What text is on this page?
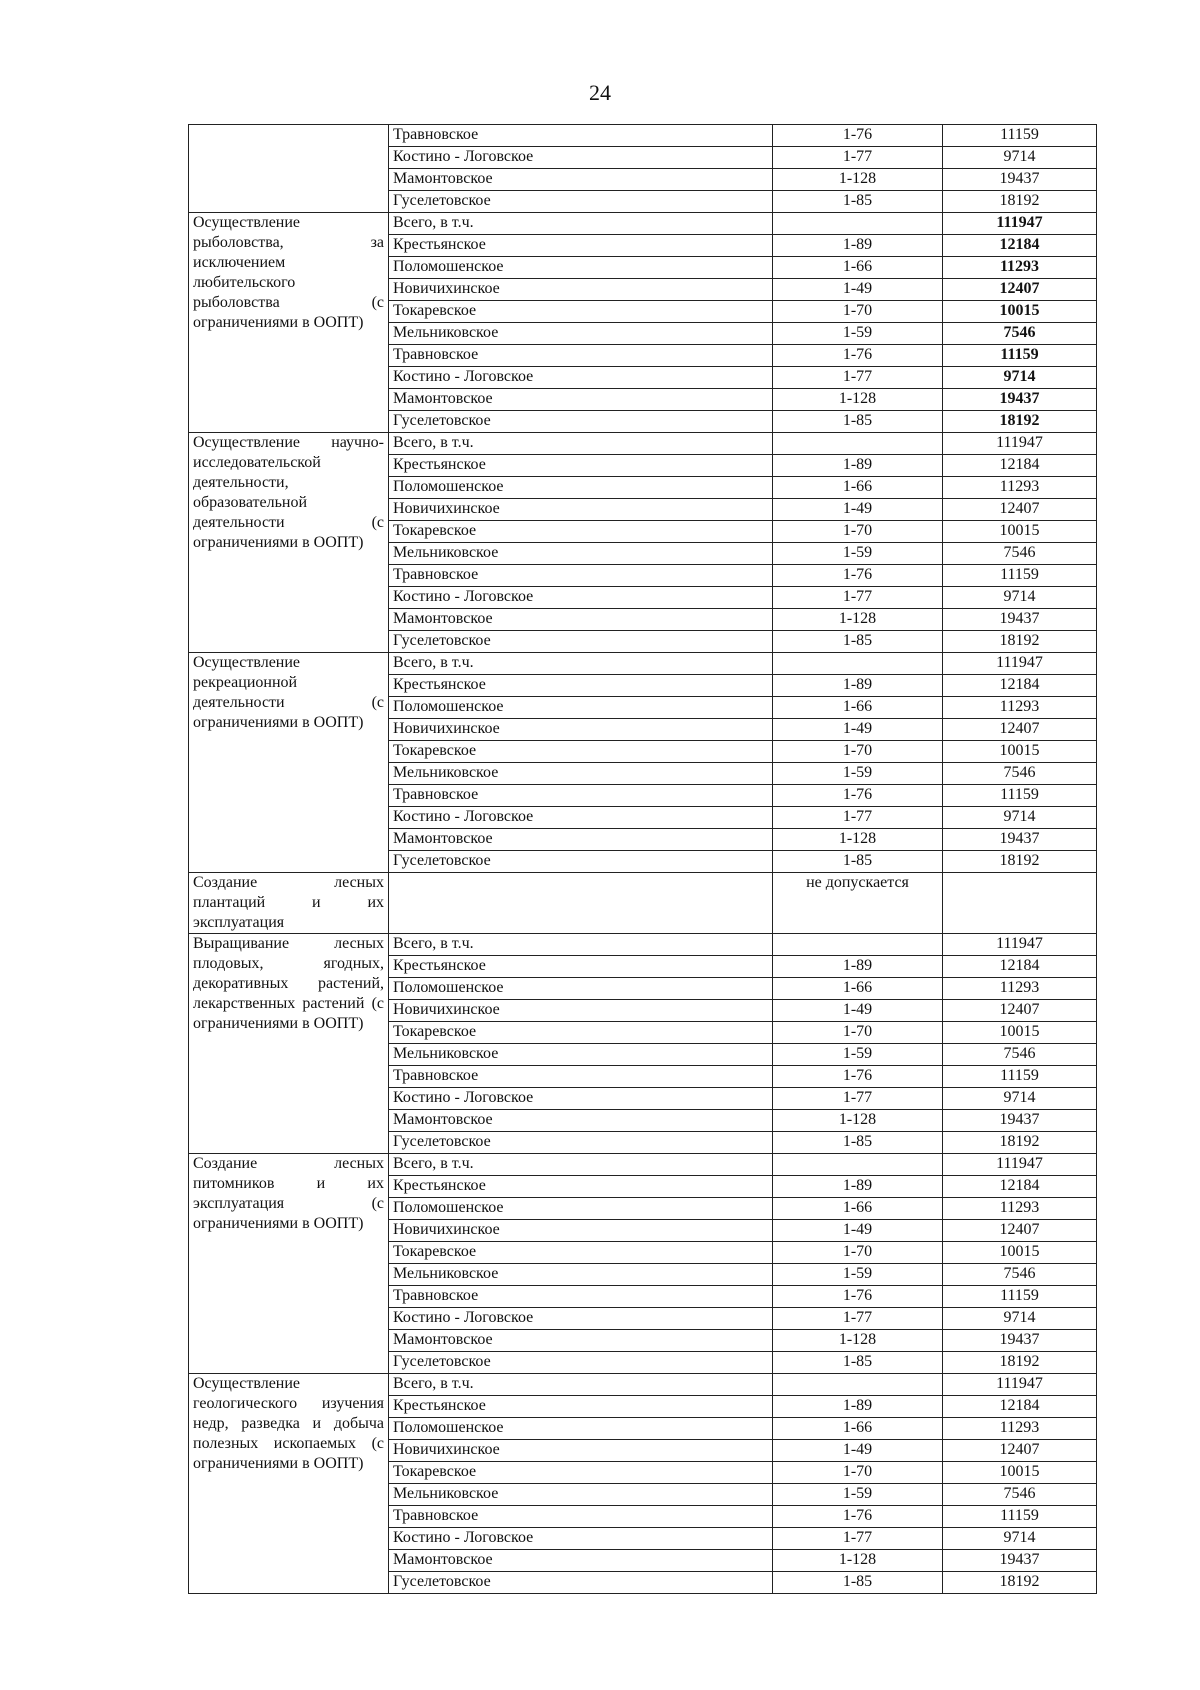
24
	Травновское	1-76	11159
	Костино - Логовское	1-77	9714
	Мамонтовское	1-128	19437
	Гуселетовское	1-85	18192
Осуществление рыболовства, за исключением любительского рыболовства (с ограничениями в ООПТ)	Всего, в т.ч.		111947
	Крестьянское	1-89	12184
	Поломошенское	1-66	11293
	Новичихинское	1-49	12407
	Токаревское	1-70	10015
	Мельниковское	1-59	7546
	Травновское	1-76	11159
	Костино - Логовское	1-77	9714
	Мамонтовское	1-128	19437
	Гуселетовское	1-85	18192
Осуществление научно-исследовательской деятельности, образовательной деятельности (с ограничениями в ООПТ)	Всего, в т.ч.		111947
	Крестьянское	1-89	12184
	Поломошенское	1-66	11293
	Новичихинское	1-49	12407
	Токаревское	1-70	10015
	Мельниковское	1-59	7546
	Травновское	1-76	11159
	Костино - Логовское	1-77	9714
	Мамонтовское	1-128	19437
	Гуселетовское	1-85	18192
Осуществление рекреационной деятельности (с ограничениями в ООПТ)	Всего, в т.ч.		111947
	Крестьянское	1-89	12184
	Поломошенское	1-66	11293
	Новичихинское	1-49	12407
	Токаревское	1-70	10015
	Мельниковское	1-59	7546
	Травновское	1-76	11159
	Костино - Логовское	1-77	9714
	Мамонтовское	1-128	19437
	Гуселетовское	1-85	18192
Создание лесных плантаций и их эксплуатация		не допускается	
Выращивание лесных плодовых, ягодных, декоративных растений, лекарственных растений (с ограничениями в ООПТ)	Всего, в т.ч.		111947
	Крестьянское	1-89	12184
	Поломошенское	1-66	11293
	Новичихинское	1-49	12407
	Токаревское	1-70	10015
	Мельниковское	1-59	7546
	Травновское	1-76	11159
	Костино - Логовское	1-77	9714
	Мамонтовское	1-128	19437
	Гуселетовское	1-85	18192
Создание лесных питомников и их эксплуатация (с ограничениями в ООПТ)	Всего, в т.ч.		111947
	Крестьянское	1-89	12184
	Поломошенское	1-66	11293
	Новичихинское	1-49	12407
	Токаревское	1-70	10015
	Мельниковское	1-59	7546
	Травновское	1-76	11159
	Костино - Логовское	1-77	9714
	Мамонтовское	1-128	19437
	Гуселетовское	1-85	18192
Осуществление геологического изучения недр, разведка и добыча полезных ископаемых (с ограничениями в ООПТ)	Всего, в т.ч.		111947
	Крестьянское	1-89	12184
	Поломошенское	1-66	11293
	Новичихинское	1-49	12407
	Токаревское	1-70	10015
	Мельниковское	1-59	7546
	Травновское	1-76	11159
	Костино - Логовское	1-77	9714
	Мамонтовское	1-128	19437
	Гуселетовское	1-85	18192
